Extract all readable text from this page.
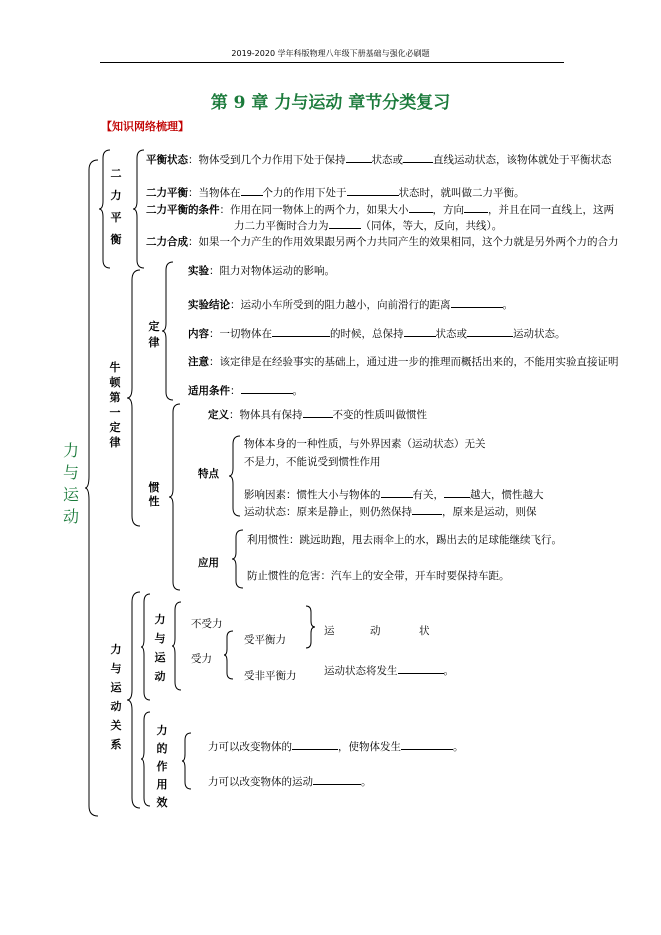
2019-2020 学年科版物理八年级下册基础与强化必刷题
第 9 章 力与运动 章节分类复习
【知识网络梳理】
力与运动
二力平衡
平衡状态：物体受到几个力作用下处于保持 状态或	直线运动状态，该物体就处于平衡状态
二力平衡：当物体在 个力的作用下处于	状态时，就叫做二力平衡。
二力平衡的条件：作用在同一物体上的两个力，如果大小 ，方向 ，并且在同一直线上，这两
力二力平衡时合力为	（同体，等大，反向，共线）。
二力合成：如果一个力产生的作用效果跟另两个力共同产生的效果相同，这个力就是另外两个力的合力
牛顿第一定律
定律
实验：阻力对物体运动的影响。
实验结论：运动小车所受到的阻力越小，向前滑行的距离	。
内容：一切物体在	的时候，总保持	状态或	运动状态。
注意：该定律是在经验事实的基础上，通过进一步的推理而概括出来的，不能用实验直接证明
适用条件：	。
惯性
定义：物体具有保持	不变的性质叫做惯性
特点
物体本身的一种性质，与外界因素（运动状态）无关
不是力，不能说受到惯性作用
影响因素：惯性大小与物体的	有关， 越大，惯性越大
运动状态：原来是静止，则仍然保持	，原来是运动，则保
应用
利用惯性：跳远助跑，甩去雨伞上的水，踢出去的足球能继续飞行。
防止惯性的危害：汽车上的安全带，开车时要保持车距。
力与运动关系
力与运动
不受力
受力
受平衡力
受非平衡力
运	动	状
运动状态将发生	。
力的作用效
力可以改变物体的	，使物体发生	。
力可以改变物体的运动	。
